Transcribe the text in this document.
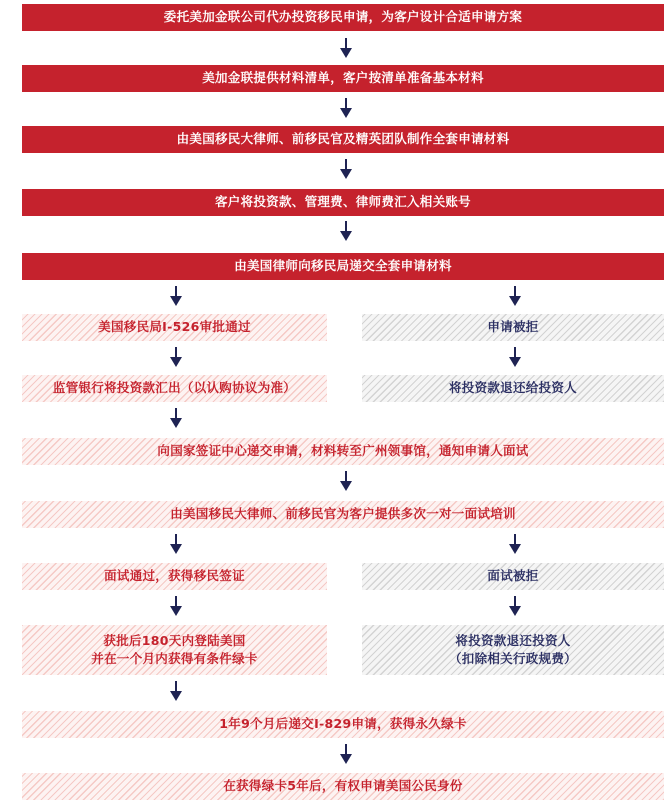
委托美加金联公司代办投资移民申请，为客户设计合适申请方案
美加金联提供材料清单，客户按清单准备基本材料
由美国移民大律师、前移民官及精英团队制作全套申请材料
客户将投资款、管理费、律师费汇入相关账号
由美国律师向移民局递交全套申请材料
美国移民局I-526审批通过	申请被拒
监管银行将投资款汇出（以认购协议为准）	将投资款退还给投资人
向国家签证中心递交申请，材料转至广州领事馆，通知申请人面试
由美国移民大律师、前移民官为客户提供多次一对一面试培训
面试通过，获得移民签证	面试被拒
获批后180天内登陆美国
并在一个月内获得有条件绿卡
将投资款退还投资人
（扣除相关行政规费）
1年9个月后递交I-829申请，获得永久绿卡
在获得绿卡5年后，有权申请美国公民身份
